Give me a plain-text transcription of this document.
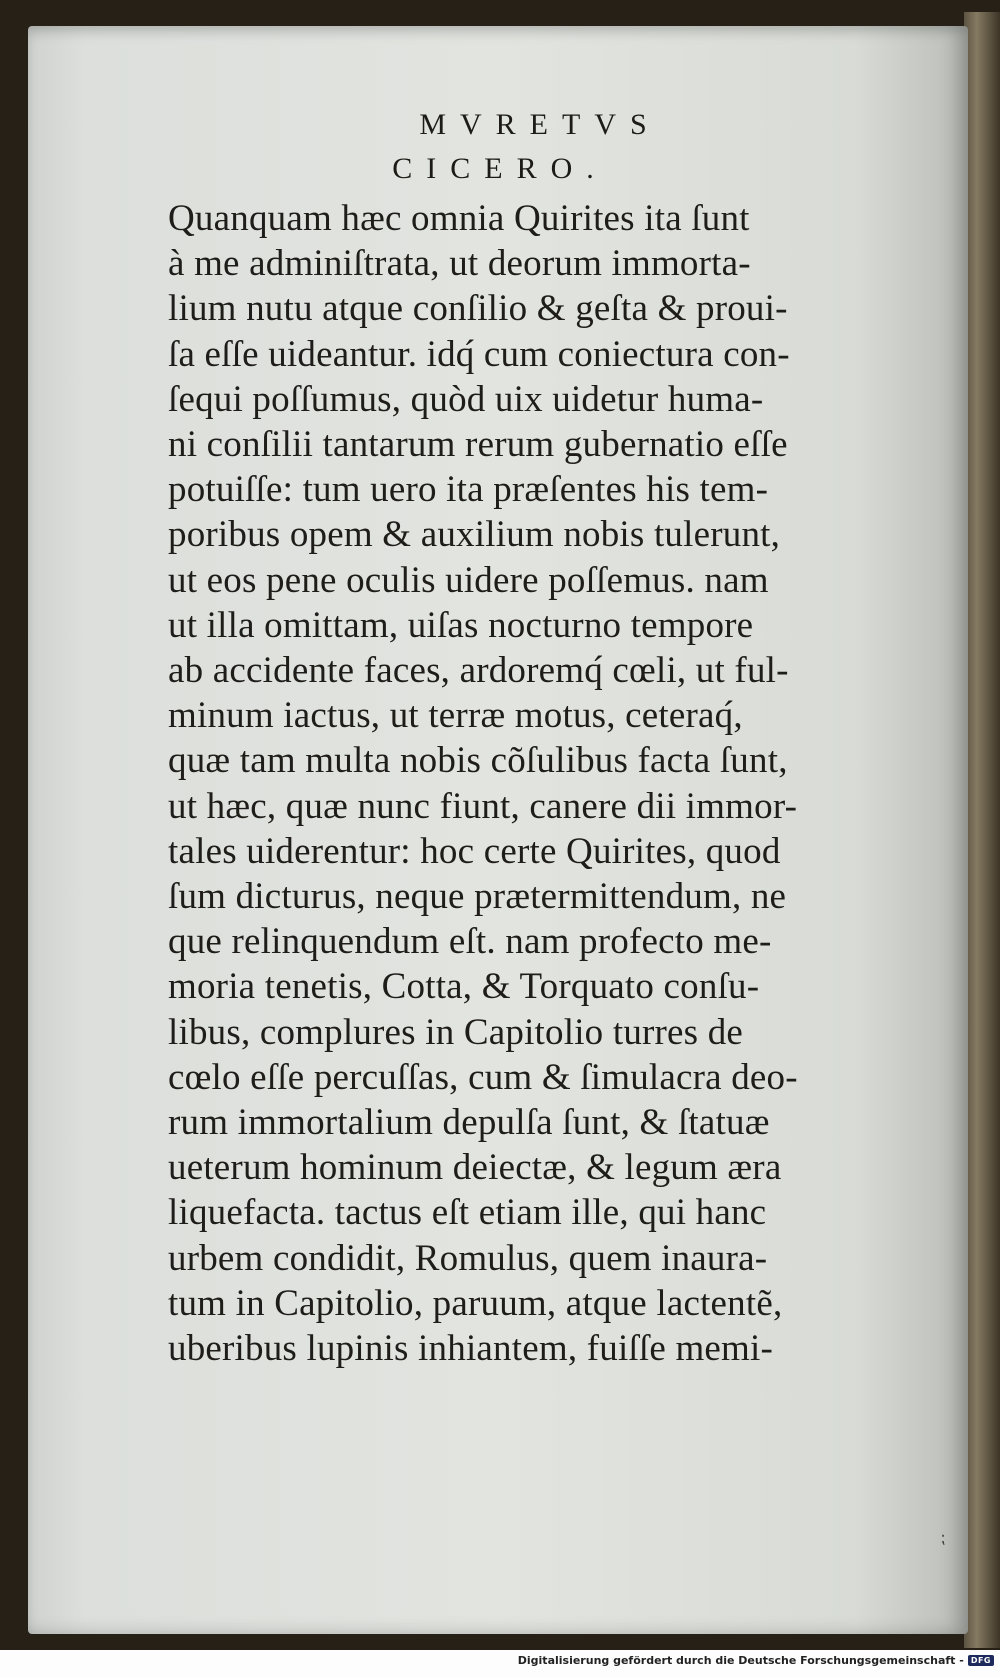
MVRETVS
CICERO.
Quanquam hæc omnia Quirites ita ſunt
à me adminiſtrata, ut deorum immorta-
lium nutu atque conſilio & geſta & proui-
ſa eſſe uideantur. idq́ cum coniectura con-
ſequi poſſumus, quòd uix uidetur huma-
ni conſilii tantarum rerum gubernatio eſſe
potuiſſe: tum uero ita præſentes his tem-
poribus opem & auxilium nobis tulerunt,
ut eos pene oculis uidere poſſemus. nam
ut illa omittam, uiſas nocturno tempore
ab accidente faces, ardoremq́ cœli, ut ful-
minum iactus, ut terræ motus, ceteraq́,
quæ tam multa nobis cõſulibus facta ſunt,
ut hæc, quæ nunc fiunt, canere dii immor-
tales uiderentur: hoc certe Quirites, quod
ſum dicturus, neque prætermittendum, ne
que relinquendum eſt. nam profecto me-
moria tenetis, Cotta, & Torquato conſu-
libus, complures in Capitolio turres de
cœlo eſſe percuſſas, cum & ſimulacra deo-
rum immortalium depulſa ſunt, & ſtatuæ
ueterum hominum deiectæ, & legum æra
liquefacta. tactus eſt etiam ille, qui hanc
urbem condidit, Romulus, quem inaura-
tum in Capitolio, paruum, atque lactentẽ,
uberibus lupinis inhiantem, fuiſſe memi-
⁏
Digitalisierung gefördert durch die Deutsche Forschungsgemeinschaft - DFG
